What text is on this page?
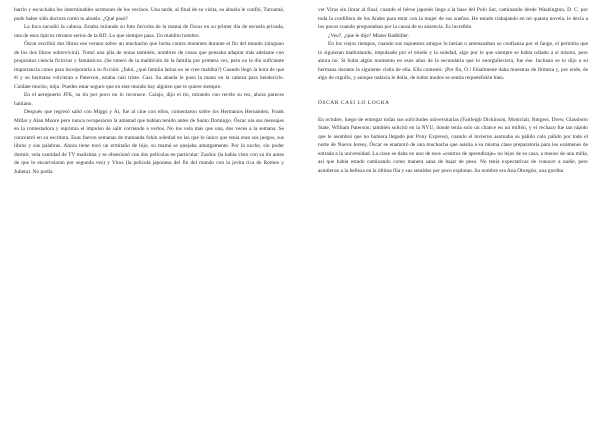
barrio y escuchaba los interminables sermones de los vecinos. Una tarde, al final de su visita, su abuela le confió, Turnamá, pude haber sido doctora como tu abuelo. ¿Qué pasó?

La Inca sacudió la cabeza. Estaba mirando su foto favorita de la mamá de Óscar en su primer día de escuela privada, una de esos típicos retratos serios de la RD. Lo que siempre pasa. Un maldito hombre.

Óscar escribió dos libros ese verano sobre un muchacho que lucha contra mutantes durante el fin del mundo (ninguno de los dos libros sobrevivirá). Tomó una pila de notas también, nombres de cosas que pensaba adaptar más adelante con propósitos ciencia ficticios y fantásticos. (Se enteró de la maldición de la familia por primera vez, pero no le dio suficiente importancia como para incorporarla a su ficción: ¿fukú, ¿qué familia latina no se cree maldita?) Cuando llegó la hora de que él y su hermana volvieran a Paterson, estaba casi triste. Casi. Su abuela le puso la mano en la cabeza para bendecirlo. Cuídate mucho, mijo. Puedes estar seguro que en este mundo hay alguien que te quiere siempre.

En el aeropuerto JFK, su tío por poco no lo reconoce. Carajo, dijo el tío, mirando con recelo su tez, ahora pareces haitiano.

Después que regresó salió con Miggs y Al, fue al cine con ellos, comentaron sobre los Hermanos Hernández, Frank Millar y Alan Moore pero nunca recuperaron la amistad que habían tenido antes de Santo Domingo. Óscar oía sus mensajes en la contestadora y reprimía el impulso de salir corriendo a verlos. No los vela más que una, dos veces a la semana. Se concentró en su escritura. Esas fueron semanas de tramanda fokin soledad en las que lo único que tenía eran sus juegos, sus libros y sus palabras. Ahora tiene tocó un ermitaño de hijo, su mamá se quejaba amargamente. Por la noche, sin poder dormir, veía cantidad de TV malísima y se obsesionó con dos películas en particular: Zardoz (la había visto con su tío antes de que lo encarcelaran por segunda vez) y Virus (la película japonesa del fin del mundo con la jevita rica de Romeo y Julieta). No podía

ver Virus sin llorar al final, cuando el héroe japonés llega a la base del Polo Sur, caminando desde Washington, D. C. por toda la cordillera de los Andes para estar con la mujer de sus sueños. He estado trabajando en mi quanta novela, le decía a los pocos cuando preguntaban por la causa de su ausencia. Es increíble.

¿Veo?, ¿que le dije? Mister Badhiller.

En los viejos tiempos, cuando sus supuestos amigos lo herían o amenazaban su confianza por el fango, el permitía que lo siguieran maltratando, impulsado por el miedo y la soledad, algo por lo que siempre se había odiado a sí mismo, pero ahora no. Si hubo algún momento en esos años de la secundaria que lo enorgulleciera, fue ése. Inclusio se lo dijo a su hermana durante la siguiente visita de ella. Ella contestó: ¡Por fin, O.! Finalmente daba muestras de firmeza y, por ende, de algo de orgullo, y aunque todavía le dolía, de todos modos se sentía requetefokin bien.

ÓSCAR CASI LO LOGRA

En octubre, luego de entregar todas sus solicitudes universitarias (Fairleigh Dickinson, Montclair, Rutgers, Drew, Glassboro State, William Paterson; también solicitó en la NYU, donde tenía solo un chance en un millón, y el rechazo fue tan rápido que le asombró que no hubiera llegado por Pony Express), cuando el invierno asomaba su pálido culo pálido por todo el norte de Nueva Jersey, Óscar se enamoró de una muchacha que asistía a su misma clase preparatoria para los exámenes de entrada a la universidad. La clase se daba en uno de esos «centros de aprendizaje» no lejos de su casa, a menos de una milla, así que había estado caminando como manera sana de bajar de peso. No tenía expectativas de conocer a nadie, pero asintieron a la belleza en la última fila y sus sentidos por poco explotan. Su nombre era Ana Obregón, una gordita
